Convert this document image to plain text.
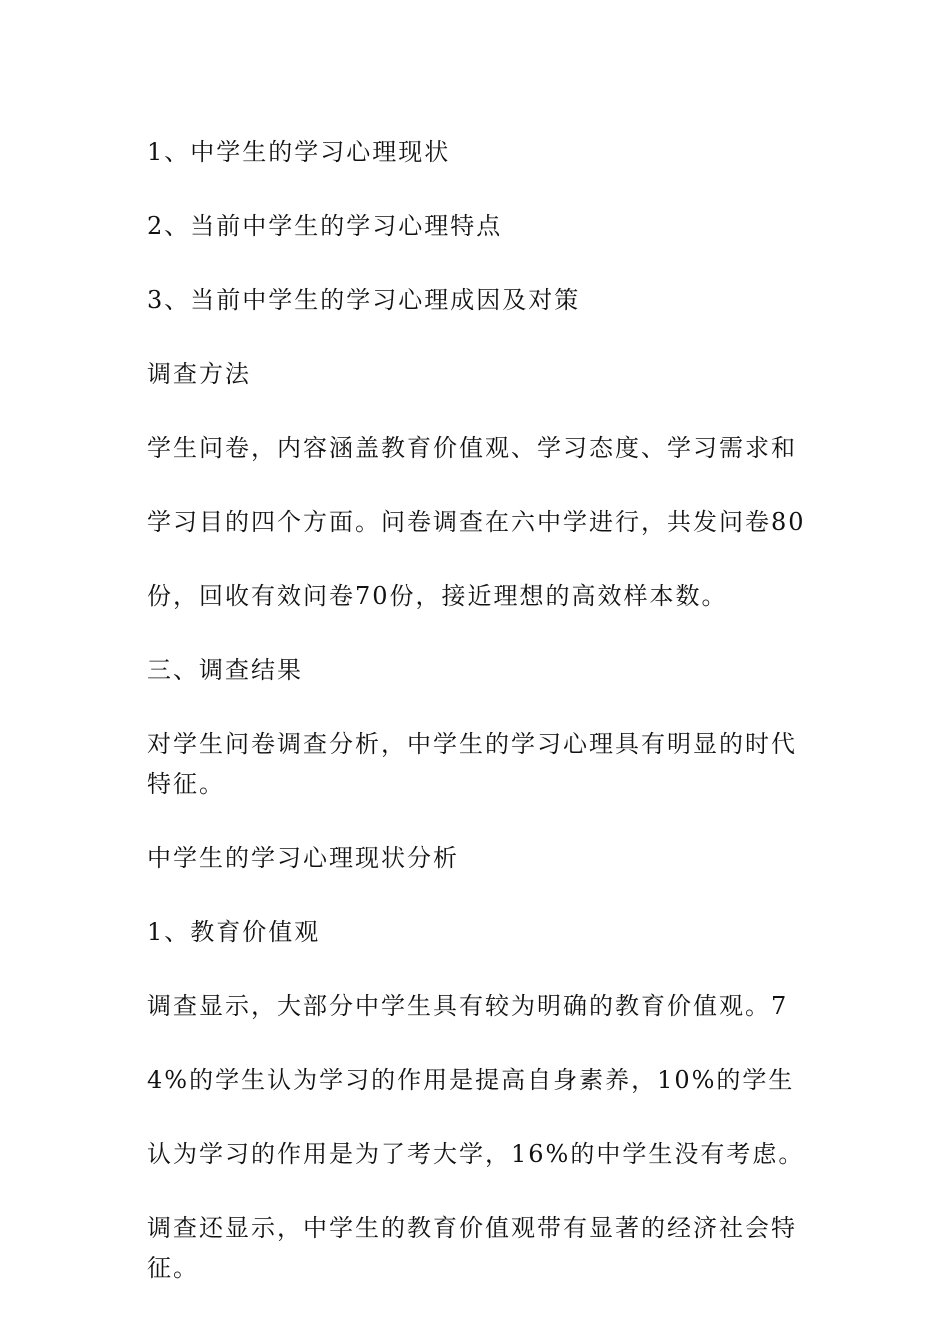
1、中学生的学习心理现状

2、当前中学生的学习心理特点

3、当前中学生的学习心理成因及对策

调查方法

学生问卷，内容涵盖教育价值观、学习态度、学习需求和学习目的四个方面。问卷调查在六中学进行，共发问卷80份，回收有效问卷70份，接近理想的高效样本数。

三、调查结果

对学生问卷调查分析，中学生的学习心理具有明显的时代特征。

中学生的学习心理现状分析

1、教育价值观

调查显示，大部分中学生具有较为明确的教育价值观。74%的学生认为学习的作用是提高自身素养，10%的学生认为学习的作用是为了考大学，16%的中学生没有考虑。

调查还显示，中学生的教育价值观带有显著的经济社会特征。
